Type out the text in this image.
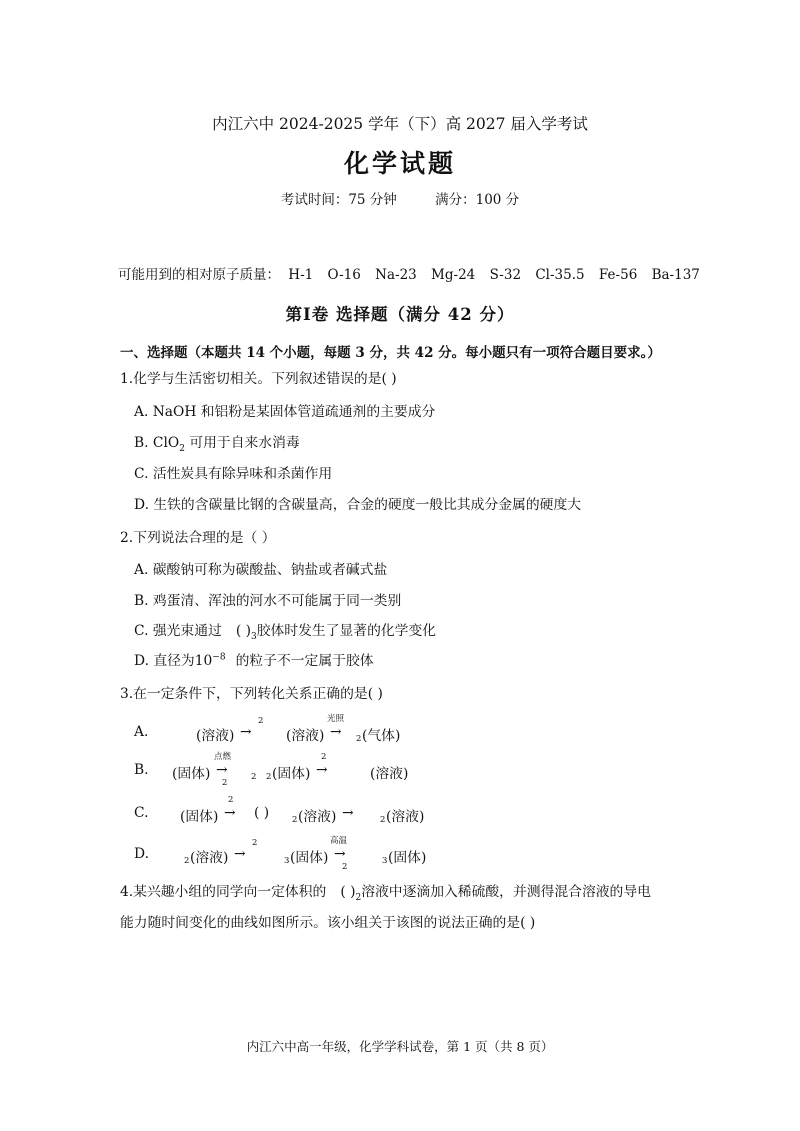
内江六中 2024-2025 学年（下）高 2027 届入学考试
化学试题
考试时间：75 分钟	满分：100 分
可能用到的相对原子质量： H-1 O-16 Na-23 Mg-24 S-32 Cl-35.5 Fe-56 Ba-137
第Ⅰ卷 选择题（满分 42 分）
一、选择题（本题共 14 个小题，每题 3 分，共 42 分。每小题只有一项符合题目要求。）
1.化学与生活密切相关。下列叙述错误的是( )
A. NaOH 和铝粉是某固体管道疏通剂的主要成分
B. ClO$_2$ 可用于自来水消毒
C. 活性炭具有除异味和杀菌作用
D. 生铁的含碳量比钢的含碳量高，合金的硬度一般比其成分金属的硬度大
2.下列说法合理的是（ ）
A. 碳酸钠可称为碳酸盐、钠盐或者碱式盐
B. 鸡蛋清、浑浊的河水不可能属于同一类别
C. 强光束通过 ( )$_3$胶体时发生了显著的化学变化
D. 直径为$10^{-8}$ 的粒子不一定属于胶体
3.在一定条件下，下列转化关系正确的是( )
A.	(溶液) →
2
(溶液) →
光照
2 (气体)
B. (固体) →
点燃
2
2 2 (固体) →
2
(溶液)
C. (固体) →
2
( )	2 (溶液) →	2 (溶液)
D.	2 (溶液) →
2
3 (固体) →
高温
2
3 (固体)
4.某兴趣小组的同学向一定体积的 ( )$_2$溶液中逐滴加入稀硫酸，并测得混合溶液的导电
能力随时间变化的曲线如图所示。该小组关于该图的说法正确的是( )
内江六中高一年级，化学学科试卷，第 1 页（共 8 页）
